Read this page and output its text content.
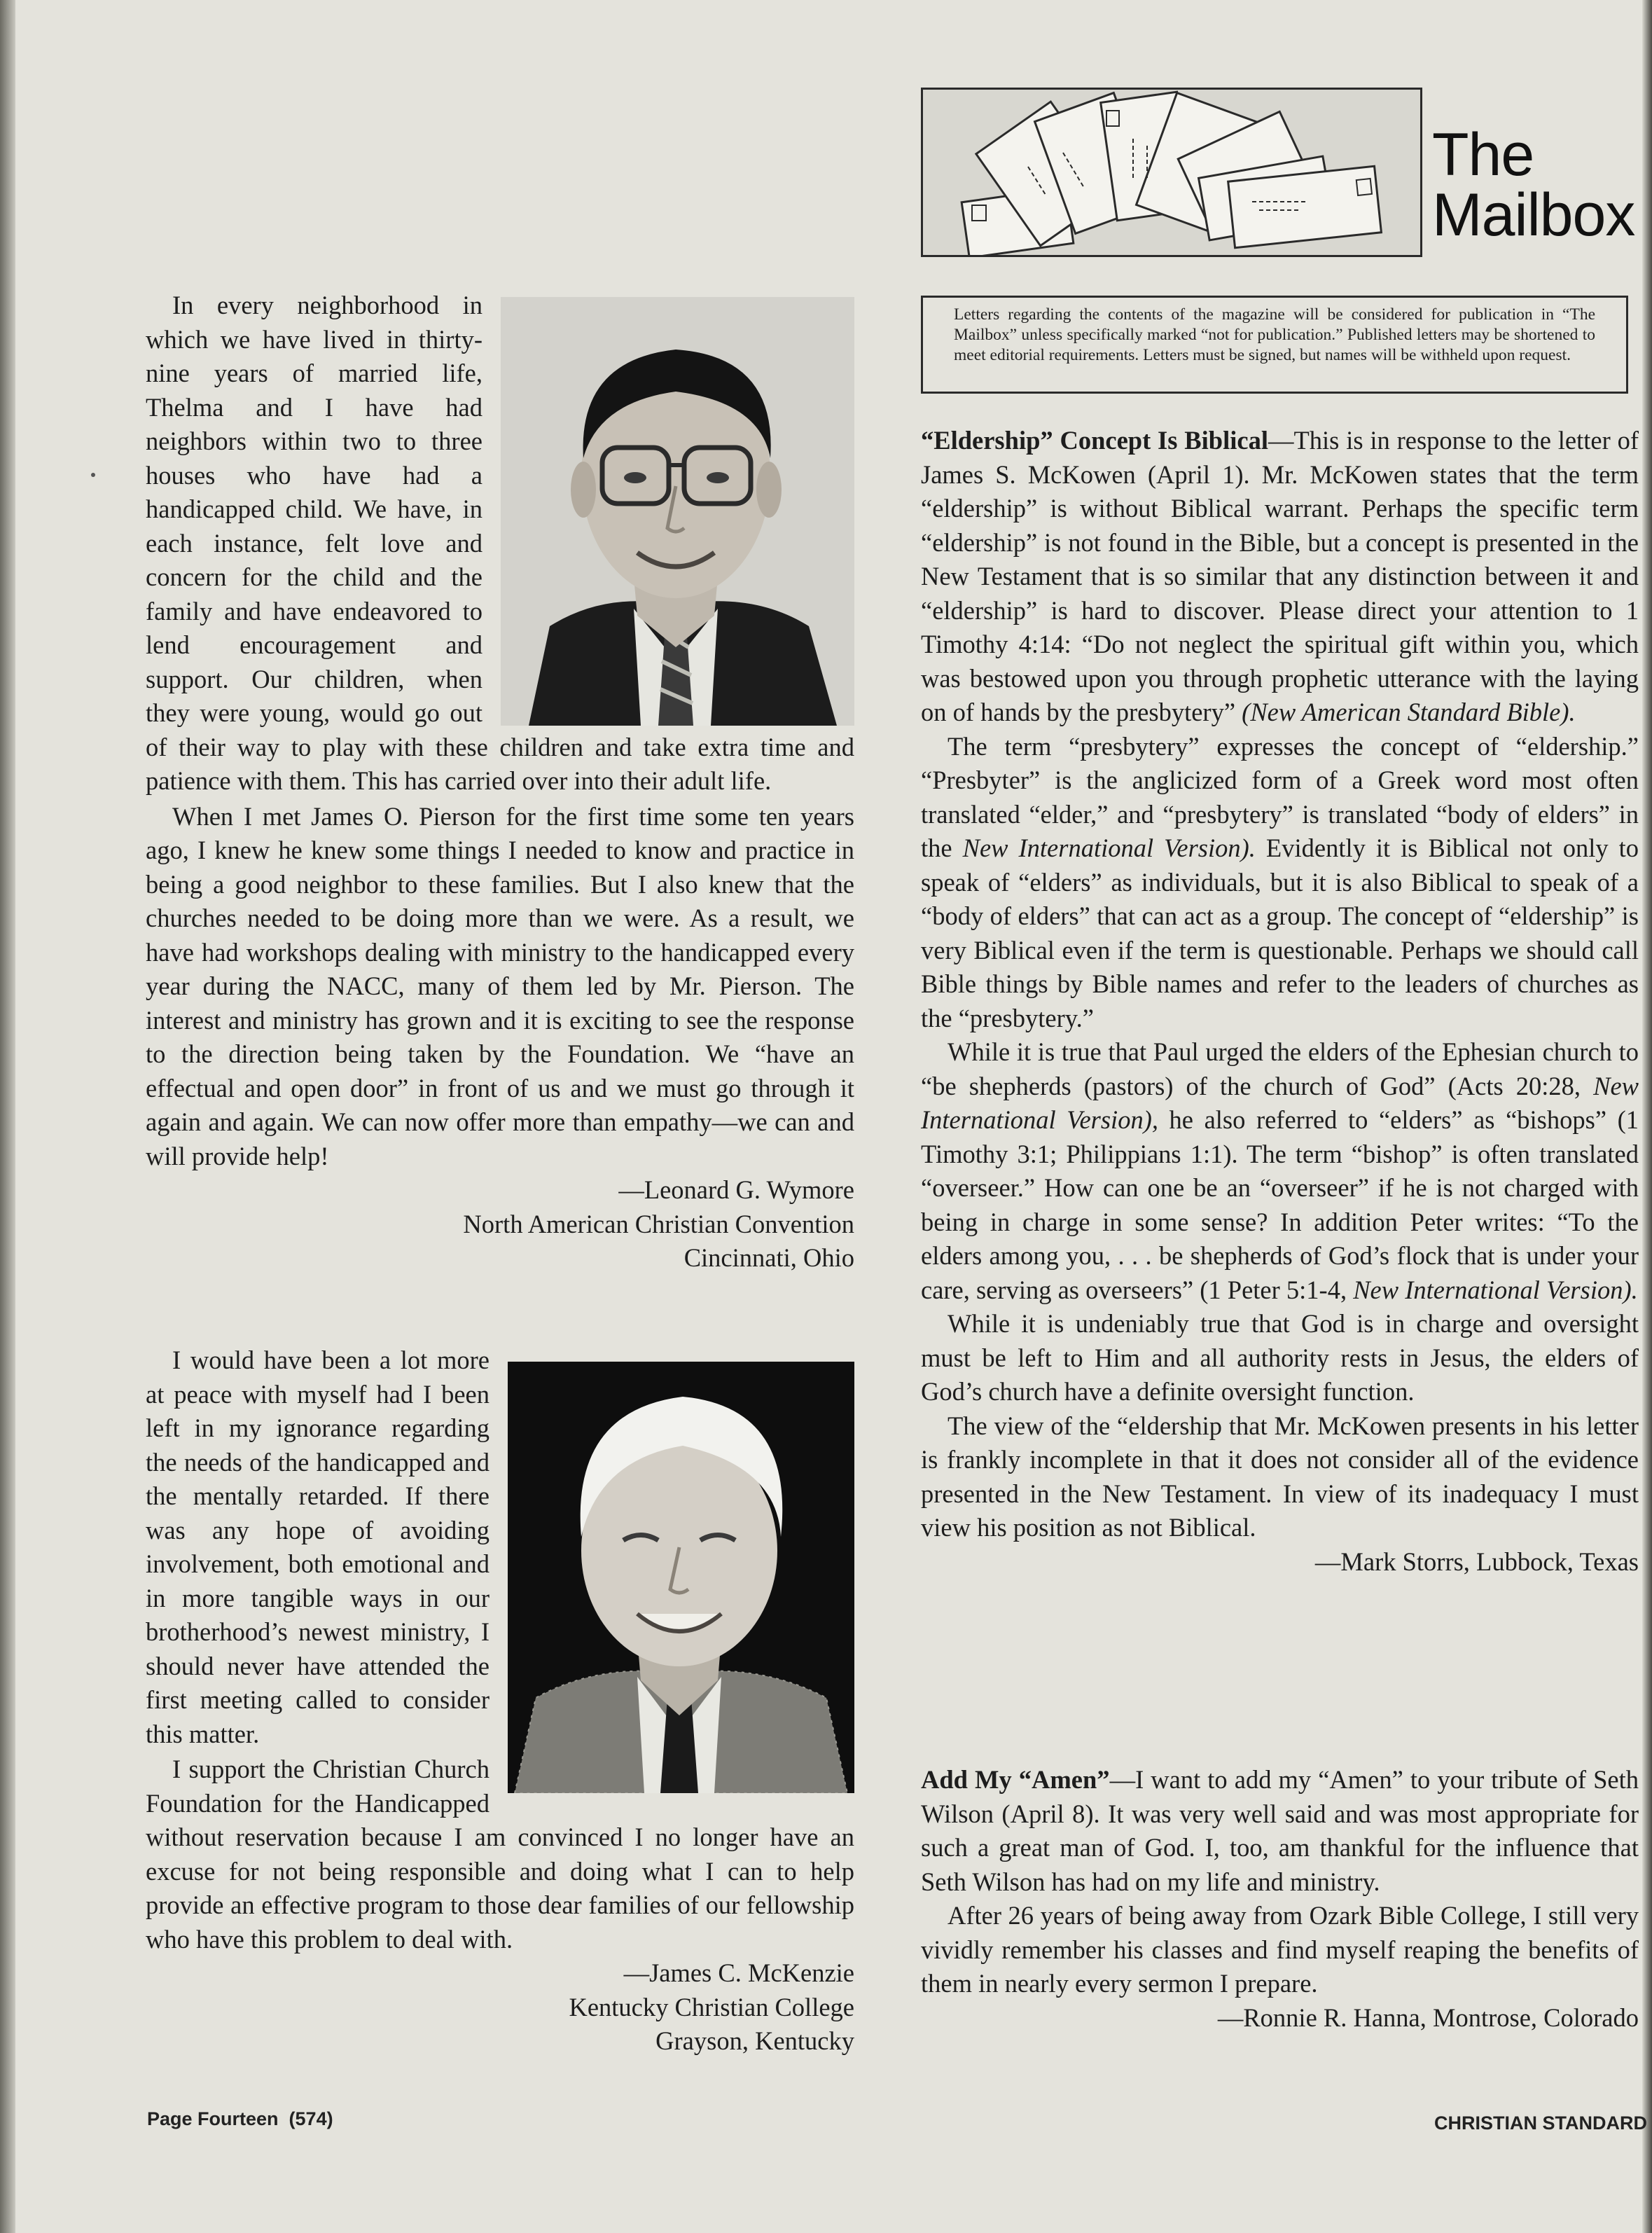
In every neighborhood in which we have lived in thirty-nine years of married life, Thelma and I have had neighbors within two to three houses who have had a handicapped child. We have, in each instance, felt love and concern for the child and the family and have endeavored to lend encouragement and support. Our children, when they were young, would go out of their way to play with these children and take extra time and patience with them. This has carried over into their adult life.

When I met James O. Pierson for the first time some ten years ago, I knew he knew some things I needed to know and practice in being a good neighbor to these families. But I also knew that the churches needed to be doing more than we were. As a result, we have had workshops dealing with ministry to the handicapped every year during the NACC, many of them led by Mr. Pierson. The interest and ministry has grown and it is exciting to see the response to the direction being taken by the Foundation. We “have an effectual and open door” in front of us and we must go through it again and again. We can now offer more than empathy—we can and will provide help!

—Leonard G. Wymore
North American Christian Convention
Cincinnati, Ohio

I would have been a lot more at peace with myself had I been left in my ignorance regarding the needs of the handicapped and the mentally retarded. If there was any hope of avoiding involvement, both emotional and in more tangible ways in our brotherhood’s newest ministry, I should never have attended the first meeting called to consider this matter.

I support the Christian Church Foundation for the Handicapped without reservation because I am convinced I no longer have an excuse for not being responsible and doing what I can to help provide an effective program to those dear families of our fellowship who have this problem to deal with.

—James C. McKenzie
Kentucky Christian College
Grayson, Kentucky
The
Mailbox
Letters regarding the contents of the magazine will be considered for publication in “The Mailbox” unless specifically marked “not for publication.” Published letters may be shortened to meet editorial requirements. Letters must be signed, but names will be withheld upon request.

“Eldership” Concept Is Biblical—This is in response to the letter of James S. McKowen (April 1). Mr. McKowen states that the term “eldership” is without Biblical warrant. Perhaps the specific term “eldership” is not found in the Bible, but a concept is presented in the New Testament that is so similar that any distinction between it and “eldership” is hard to discover. Please direct your attention to 1 Timothy 4:14: “Do not neglect the spiritual gift within you, which was bestowed upon you through prophetic utterance with the laying on of hands by the presbytery” (New American Standard Bible).

The term “presbytery” expresses the concept of “eldership.” “Presbyter” is the anglicized form of a Greek word most often translated “elder,” and “presbytery” is translated “body of elders” in the New International Version). Evidently it is Biblical not only to speak of “elders” as individuals, but it is also Biblical to speak of a “body of elders” that can act as a group. The concept of “eldership” is very Biblical even if the term is questionable. Perhaps we should call Bible things by Bible names and refer to the leaders of churches as the “presbytery.”

While it is true that Paul urged the elders of the Ephesian church to “be shepherds (pastors) of the church of God” (Acts 20:28, New International Version), he also referred to “elders” as “bishops” (1 Timothy 3:1; Philippians 1:1). The term “bishop” is often translated “overseer.” How can one be an “overseer” if he is not charged with being in charge in some sense? In addition Peter writes: “To the elders among you, . . . be shepherds of God’s flock that is under your care, serving as overseers” (1 Peter 5:1-4, New International Version).

While it is undeniably true that God is in charge and oversight must be left to Him and all authority rests in Jesus, the elders of God’s church have a definite oversight function.

The view of the “eldership that Mr. McKowen presents in his letter is frankly incomplete in that it does not consider all of the evidence presented in the New Testament. In view of its inadequacy I must view his position as not Biblical.

—Mark Storrs, Lubbock, Texas

Add My “Amen”—I want to add my “Amen” to your tribute of Seth Wilson (April 8). It was very well said and was most appropriate for such a great man of God. I, too, am thankful for the influence that Seth Wilson has had on my life and ministry.

After 26 years of being away from Ozark Bible College, I still very vividly remember his classes and find myself reaping the benefits of them in nearly every sermon I prepare.

—Ronnie R. Hanna, Montrose, Colorado
Page Fourteen  (574)	CHRISTIAN STANDARD
